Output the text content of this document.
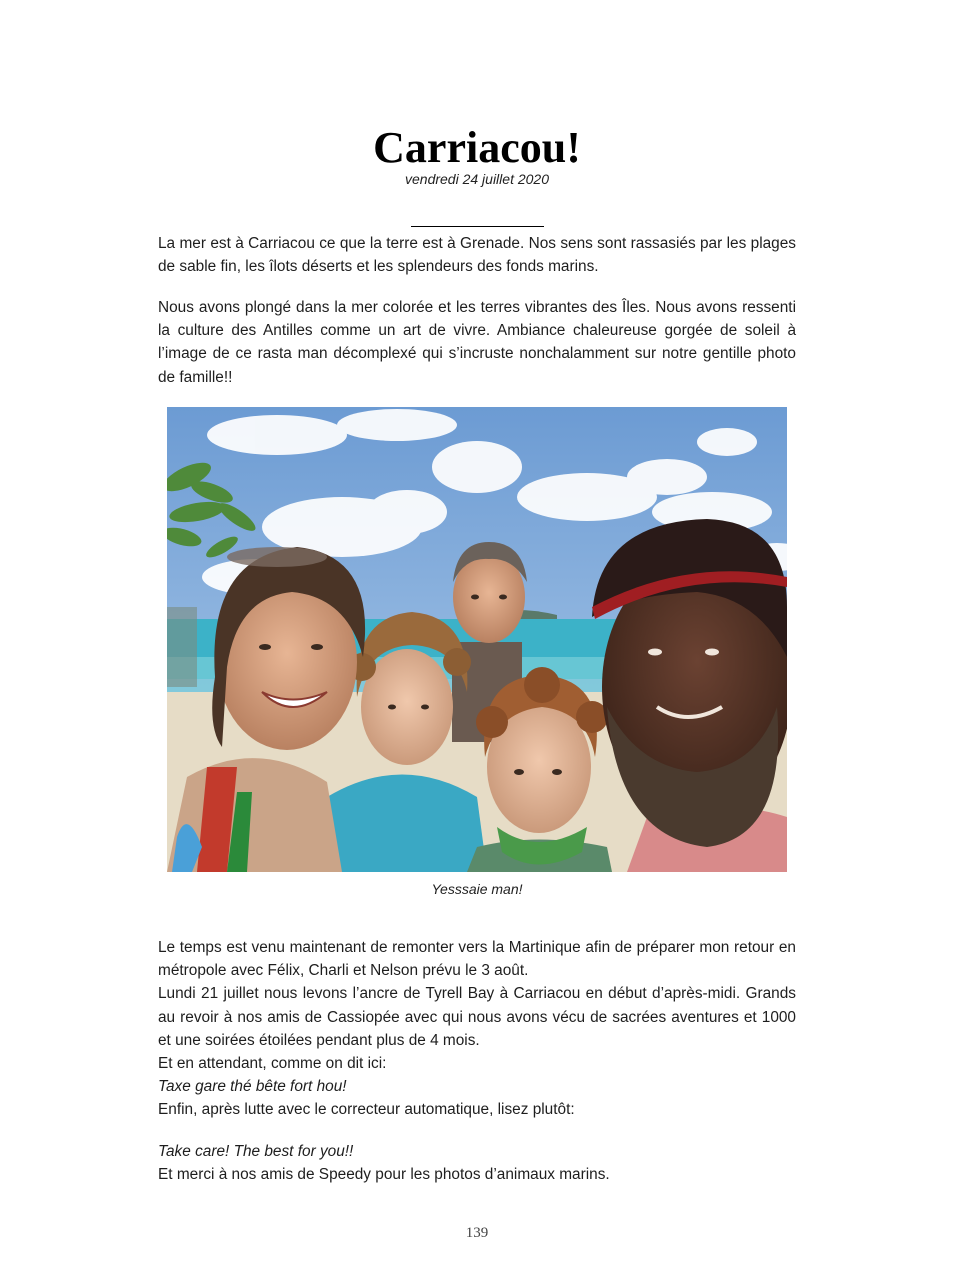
Carriacou!
vendredi 24 juillet 2020

La mer est à Carriacou ce que la terre est à Grenade. Nos sens sont rassasiés par les plages de sable fin, les îlots déserts et les splendeurs des fonds marins.

Nous avons plongé dans la mer colorée et les terres vibrantes des Îles. Nous avons ressenti la culture des Antilles comme un art de vivre. Ambiance chaleureuse gorgée de soleil à l’image de ce rasta man décomplexé qui s’incruste nonchalamment sur notre gentille photo de famille!!

Yesssaie man!
Le temps est venu maintenant de remonter vers la Martinique afin de préparer mon retour en métropole avec Félix, Charli et Nelson prévu le 3 août.
Lundi 21 juillet nous levons l’ancre de Tyrell Bay à Carriacou en début d’après-midi. Grands au revoir à nos amis de Cassiopée avec qui nous avons vécu de sacrées aventures et 1000 et une soirées étoilées pendant plus de 4 mois.
Et en attendant, comme on dit ici:
Taxe gare thé bête fort hou!
Enfin, après lutte avec le correcteur automatique, lisez plutôt:
Take care! The best for you!!
Et merci à nos amis de Speedy pour les photos d’animaux marins.
139
